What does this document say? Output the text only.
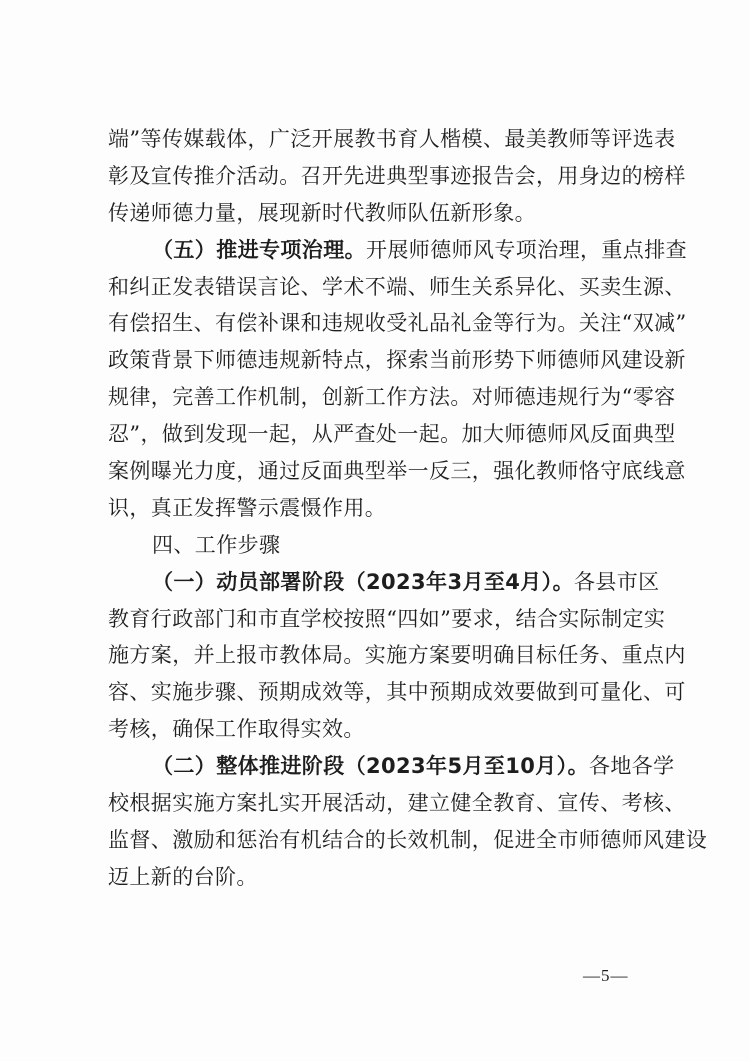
端”等传媒载体，广泛开展教书育人楷模、最美教师等评选表
彰及宣传推介活动。召开先进典型事迹报告会，用身边的榜样
传递师德力量，展现新时代教师队伍新形象。
（五）推进专项治理。开展师德师风专项治理，重点排查
和纠正发表错误言论、学术不端、师生关系异化、买卖生源、
有偿招生、有偿补课和违规收受礼品礼金等行为。关注“双减”
政策背景下师德违规新特点，探索当前形势下师德师风建设新
规律，完善工作机制，创新工作方法。对师德违规行为“零容
忍”，做到发现一起，从严查处一起。加大师德师风反面典型
案例曝光力度，通过反面典型举一反三，强化教师恪守底线意
识，真正发挥警示震慑作用。
四、工作步骤
（一）动员部署阶段（2023年3月至4月）。各县市区
教育行政部门和市直学校按照“四如”要求，结合实际制定实
施方案，并上报市教体局。实施方案要明确目标任务、重点内
容、实施步骤、预期成效等，其中预期成效要做到可量化、可
考核，确保工作取得实效。
（二）整体推进阶段（2023年5月至10月）。各地各学
校根据实施方案扎实开展活动，建立健全教育、宣传、考核、
监督、激励和惩治有机结合的长效机制，促进全市师德师风建设
迈上新的台阶。
—5—
